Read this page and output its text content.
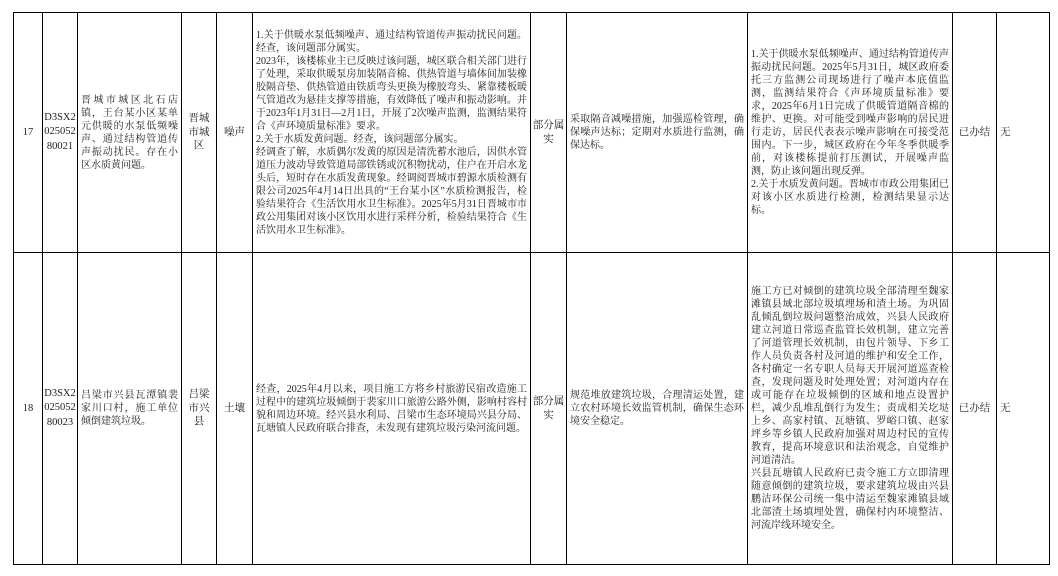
17	D3SX202505280021	晋城市城区北石店镇，王台某小区某单元供暖的水泵低频噪声、通过结构管道传声振动扰民。存在小区水质黄问题。	晋城市城区	噪声	1.关于供暖水泵低频噪声、通过结构管道传声振动扰民问题。经查，该问题部分属实。
2023年，该楼栋业主已反映过该问题，城区联合相关部门进行了处理，采取供暖泵房加装隔音棉、供热管道与墙体间加装橡胶隔音垫、供热管道由铁质弯头更换为橡胶弯头、紧靠楼板暖气管道改为悬挂支撑等措施，有效降低了噪声和振动影响。并于2023年1月31日—2月1日，开展了2次噪声监测，监测结果符合《声环境质量标准》要求。
2.关于水质发黄问题。经查，该问题部分属实。
经调查了解，水质偶尔发黄的原因是清洗蓄水池后，因供水管道压力波动导致管道局部铁锈或沉积物扰动，住户在开启水龙头后，短时存在水质发黄现象。经调阅晋城市碧源水质检测有限公司2025年4月14日出具的“王台某小区”水质检测报告，检验结果符合《生活饮用水卫生标准》。2025年5月31日晋城市市政公用集团对该小区饮用水进行采样分析，检验结果符合《生活饮用水卫生标准》。	部分属实	采取隔音减噪措施，加强巡检管理，确保噪声达标；定期对水质进行监测，确保达标。	1.关于供暖水泵低频噪声、通过结构管道传声振动扰民问题。2025年5月31日，城区政府委托三方监测公司现场进行了噪声本底值监测，监测结果符合《声环境质量标准》要求，2025年6月1日完成了供暖管道隔音棉的维护、更换。对可能受到噪声影响的居民进行走访，居民代表表示噪声影响在可接受范围内。下一步，城区政府在今年冬季供暖季前，对该楼栋提前打压测试，开展噪声监测，防止该问题出现反弹。
2.关于水质发黄问题。晋城市市政公用集团已对该小区水质进行检测，检测结果显示达标。	已办结	无
18	D3SX202505280023	吕梁市兴县瓦潭镇裴家川口村，施工单位倾倒建筑垃圾。	吕梁市兴县	土壤	经查，2025年4月以来，项目施工方将乡村旅游民宿改造施工过程中的建筑垃圾倾倒于裴家川口旅游公路外侧，影响村容村貌和周边环境。经兴县水利局、吕梁市生态环境局兴县分局、瓦塘镇人民政府联合排查，未发现有建筑垃圾污染河流问题。	部分属实	规范堆放建筑垃圾，合理清运处置，建立农村环境长效监管机制，确保生态环境安全稳定。	施工方已对倾倒的建筑垃圾全部清理至魏家滩镇县域北部垃圾填埋场和渣土场。为巩固乱倾乱倒垃圾问题整治成效，兴县人民政府建立河道日常巡查监管长效机制，建立完善了河道管理长效机制，由包片领导、下乡工作人员负责各村及河道的维护和安全工作，各村确定一名专职人员每天开展河道巡查检查，发现问题及时处理处置；对河道内存在或可能存在垃圾倾倒的区域和地点设置护栏，减少乱堆乱倒行为发生；责成相关圪垯上乡、高家村镇、瓦塘镇、罗峪口镇、赵家坪乡等乡镇人民政府加强对周边村民的宣传教育，提高环境意识和法治观念，自觉维护河道清洁。
兴县瓦塘镇人民政府已责令施工方立即清理随意倾倒的建筑垃圾，要求建筑垃圾由兴县鹏洁环保公司统一集中清运至魏家滩镇县域北部渣土场填埋处置，确保村内环境整洁、河流岸线环境安全。	已办结	无
